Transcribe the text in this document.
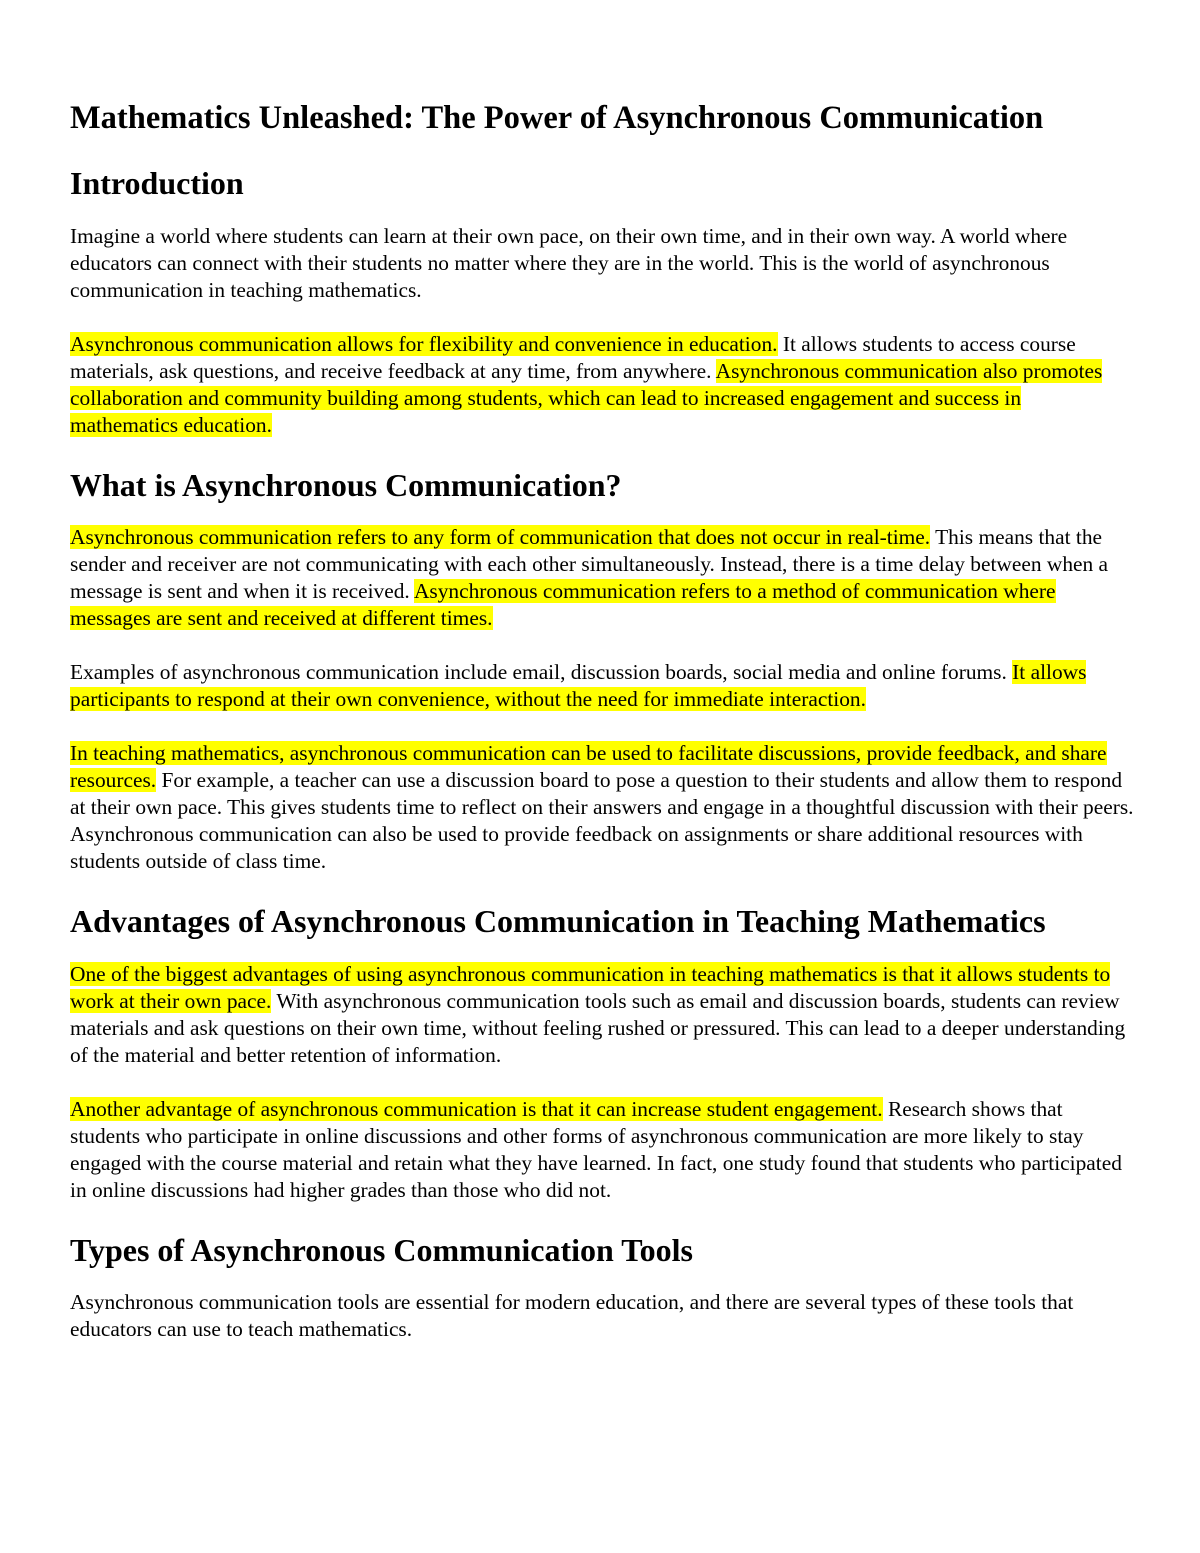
Mathematics Unleashed: The Power of Asynchronous Communication
Introduction

Imagine a world where students can learn at their own pace, on their own time, and in their own way. A world where educators can connect with their students no matter where they are in the world. This is the world of asynchronous communication in teaching mathematics.

Asynchronous communication allows for flexibility and convenience in education. It allows students to access course materials, ask questions, and receive feedback at any time, from anywhere. Asynchronous communication also promotes collaboration and community building among students, which can lead to increased engagement and success in mathematics education.

What is Asynchronous Communication?

Asynchronous communication refers to any form of communication that does not occur in real-time. This means that the sender and receiver are not communicating with each other simultaneously. Instead, there is a time delay between when a message is sent and when it is received. Asynchronous communication refers to a method of communication where messages are sent and received at different times.

Examples of asynchronous communication include email, discussion boards, social media and online forums. It allows participants to respond at their own convenience, without the need for immediate interaction.

In teaching mathematics, asynchronous communication can be used to facilitate discussions, provide feedback, and share resources. For example, a teacher can use a discussion board to pose a question to their students and allow them to respond at their own pace. This gives students time to reflect on their answers and engage in a thoughtful discussion with their peers. Asynchronous communication can also be used to provide feedback on assignments or share additional resources with students outside of class time.

Advantages of Asynchronous Communication in Teaching Mathematics

One of the biggest advantages of using asynchronous communication in teaching mathematics is that it allows students to work at their own pace. With asynchronous communication tools such as email and discussion boards, students can review materials and ask questions on their own time, without feeling rushed or pressured. This can lead to a deeper understanding of the material and better retention of information.

Another advantage of asynchronous communication is that it can increase student engagement. Research shows that students who participate in online discussions and other forms of asynchronous communication are more likely to stay engaged with the course material and retain what they have learned. In fact, one study found that students who participated in online discussions had higher grades than those who did not.

Types of Asynchronous Communication Tools

Asynchronous communication tools are essential for modern education, and there are several types of these tools that educators can use to teach mathematics.
